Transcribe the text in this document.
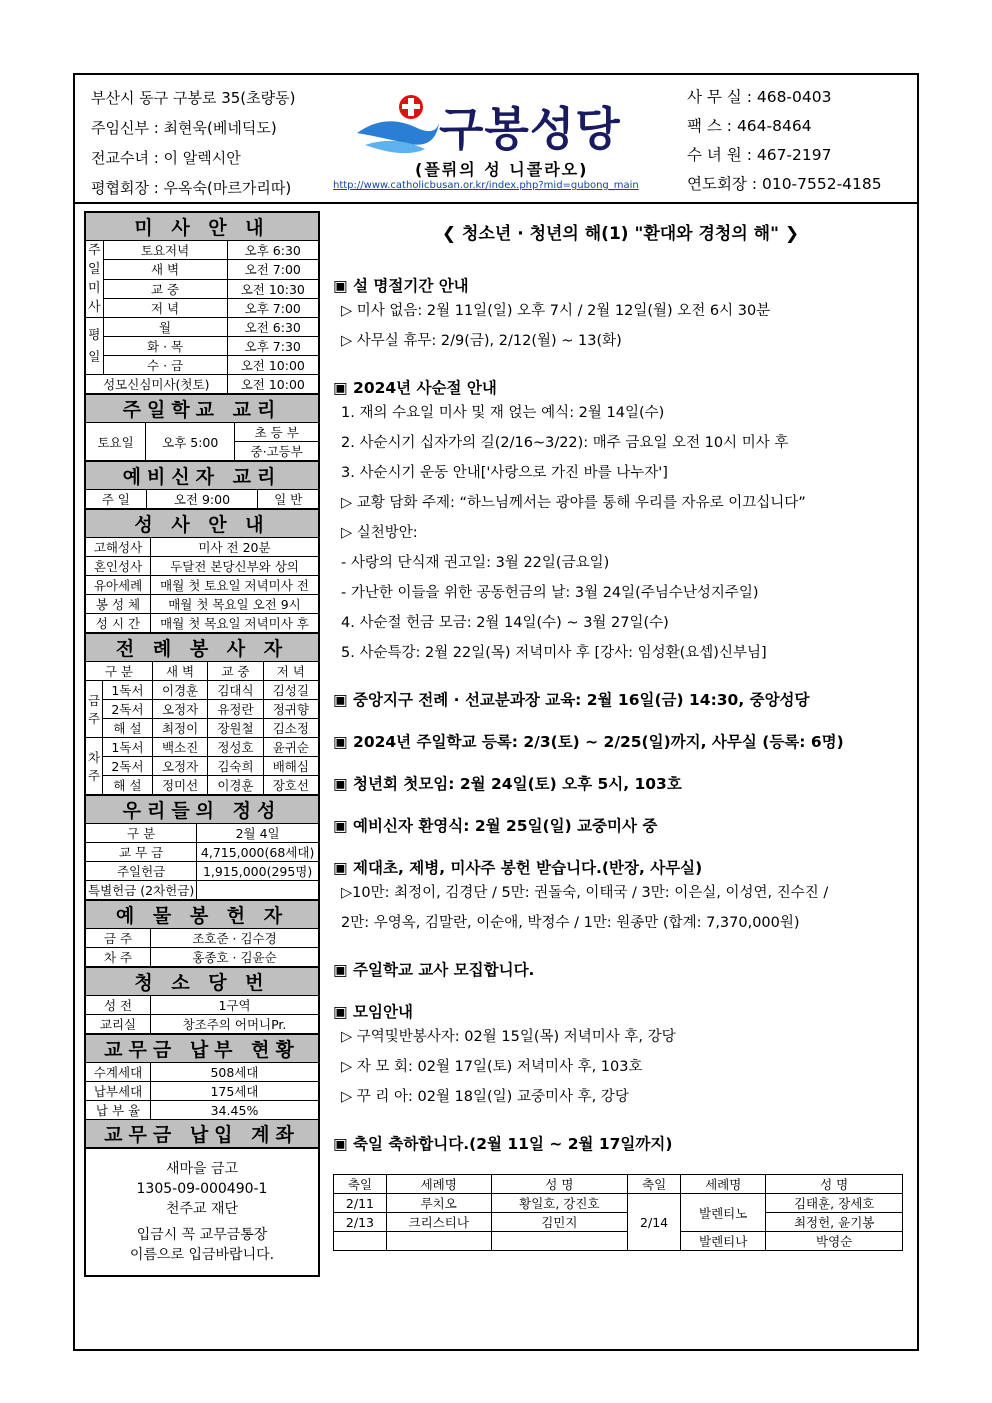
부산시 동구 구봉로 35(초량동)
주임신부 : 최현욱(베네딕도)
전교수녀 : 이 알렉시안
평협회장 : 우옥숙(마르가리따)
구봉성당
(플뤼의 성 니콜라오)
http://www.catholicbusan.or.kr/index.php?mid=gubong_main
사 무 실 : 468-0403
팩 스 : 464-8464
수 녀 원 : 467-2197
연도회장 : 010-7552-4185
미 사 안 내		
주일미사	토요저녁	오후 6:30
	새 벽	오전 7:00
	교 중	오전 10:30
	저 녁	오후 7:00
평일	월	오전 6:30
	화 · 목	오후 7:30
	수 · 금	오전 10:00
성모신심미사(첫토)		오전 10:00
주일학교 교리
토요일	오후 5:00	초 등 부
중·고등부
예비신자 교리
주 일	오전 9:00	일 반
성 사 안 내	
고해성사	미사 전 20분
혼인성사	두달전 본당신부와 상의
유아세례	매월 첫 토요일 저녁미사 전
봉 성 체	매월 첫 목요일 오전 9시
성 시 간	매월 첫 목요일 저녁미사 후
전 례 봉 사 자				
구 분		새 벽	교 중	저 녁
금주	1독서	이경훈	김대식	김성길
	2독서	오정자	유정란	정귀향
	해 설	최정이	장원철	김소정
차주	1독서	백소진	정성호	윤귀순
	2독서	오정자	김숙희	배해심
	해 설	정미선	이경훈	장호선
우리들의 정성	
구 분	2월 4일
교 무 금	4,715,000(68세대)
주일헌금	1,915,000(295명)
특별헌금 (2차헌금)	
예 물 봉 헌 자	
금 주	조호준 · 김수경
차 주	홍종호 · 김윤순
청 소 당 번	
성 전	1구역
교리실	창조주의 어머니Pr.
교무금 납부 현황	
수계세대	508세대
납부세대	175세대
납 부 율	34.45%
교무금 납입 계좌	
새마을 금고
1305-09-000490-1
천주교 재단
입금시 꼭 교무금통장
이름으로 입금바랍니다.
❮ 청소년 · 청년의 해(1) "환대와 경청의 해" ❯
▣ 설 명절기간 안내
▷ 미사 없음: 2월 11일(일) 오후 7시 / 2월 12일(월) 오전 6시 30분
▷ 사무실 휴무: 2/9(금), 2/12(월) ~ 13(화)
▣ 2024년 사순절 안내
1. 재의 수요일 미사 및 재 얹는 예식: 2월 14일(수)
2. 사순시기 십자가의 길(2/16~3/22): 매주 금요일 오전 10시 미사 후
3. 사순시기 운동 안내['사랑으로 가진 바를 나누자']
▷ 교황 담화 주제: “하느님께서는 광야를 통해 우리를 자유로 이끄십니다”
▷ 실천방안:
- 사랑의 단식재 권고일: 3월 22일(금요일)
- 가난한 이들을 위한 공동헌금의 날: 3월 24일(주님수난성지주일)
4. 사순절 헌금 모금: 2월 14일(수) ~ 3월 27일(수)
5. 사순특강: 2월 22일(목) 저녁미사 후 [강사: 임성환(요셉)신부님]
▣ 중앙지구 전례 · 선교분과장 교육: 2월 16일(금) 14:30, 중앙성당
▣ 2024년 주일학교 등록: 2/3(토) ~ 2/25(일)까지, 사무실 (등록: 6명)
▣ 청년회 첫모임: 2월 24일(토) 오후 5시, 103호
▣ 예비신자 환영식: 2월 25일(일) 교중미사 중
▣ 제대초, 제병, 미사주 봉헌 받습니다.(반장, 사무실)
▷10만: 최정이, 김경단 / 5만: 권돌숙, 이태국 / 3만: 이은실, 이성연, 진수진 /
2만: 우영옥, 김말란, 이순애, 박정수 / 1만: 원종만 (합계: 7,370,000원)
▣ 주일학교 교사 모집합니다.
▣ 모임안내
▷ 구역및반봉사자: 02월 15일(목) 저녁미사 후, 강당
▷ 자 모 회: 02월 17일(토) 저녁미사 후, 103호
▷ 꾸 리 아: 02월 18일(일) 교중미사 후, 강당
▣ 축일 축하합니다.(2월 11일 ~ 2월 17일까지)
축일	세례명	성 명	축일	세례명	성 명
2/11	루치오	황일호, 강진호	2/14	발렌티노	김태훈, 장세호
2/13	크리스티나	김민지			최정헌, 윤기봉
				발렌티나	박영순
